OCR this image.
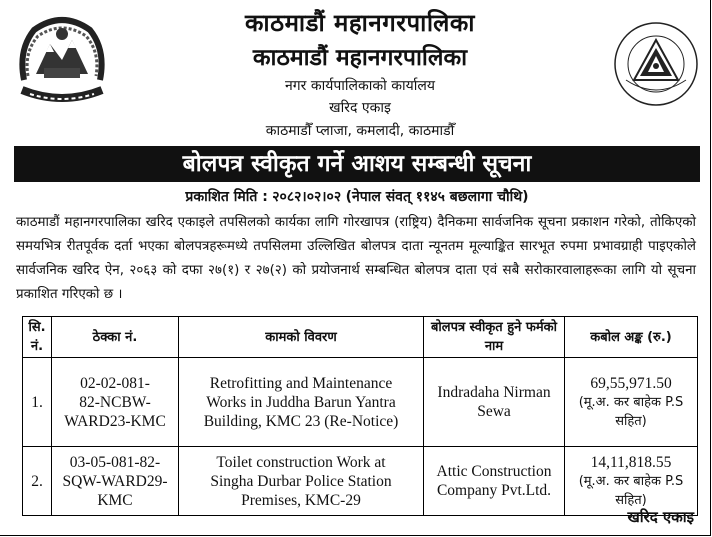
काठमाडौं महानगरपालिका
काठमाडौं महानगरपालिका
नगर कार्यपालिकाको कार्यालय
खरिद एकाइ
काठमाडौँ प्लाजा, कमलादी, काठमाडौँ
बोलपत्र स्वीकृत गर्ने आशय सम्बन्धी सूचना
प्रकाशित मिति : २०८२।०२।०२ (नेपाल संवत् ११४५ बछलागा चौथि)

काठमाडौं महानगरपालिका खरिद एकाइले तपसिलको कार्यका लागि गोरखापत्र (राष्ट्रिय) दैनिकमा सार्वजनिक सूचना प्रकाशन गरेको, तोकिएको समयभित्र रीतपूर्वक दर्ता भएका बोलपत्रहरूमध्ये तपसिलमा उल्लिखित बोलपत्र दाता न्यूनतम मूल्याङ्कित सारभूत रुपमा प्रभावग्राही पाइएकोले सार्वजनिक खरिद ऐन, २०६३ को दफा २७(१) र २७(२) को प्रयोजनार्थ सम्बन्धित बोलपत्र दाता एवं सबै सरोकारवालाहरूका लागि यो सूचना प्रकाशित गरिएको छ ।

सि. नं.	ठेक्का नं.	कामको विवरण	बोलपत्र स्वीकृत हुने फर्मको नाम	कबोल अङ्क (रु.)
1.	02-02-081-
82-NCBW-
WARD23-KMC	Retrofitting and Maintenance
Works in Juddha Barun Yantra
Building, KMC 23 (Re-Notice)	Indradaha Nirman
Sewa	69,55,971.50
(मू.अ. कर बाहेक P.S
सहित)

2.	03-05-081-82-
SQW-WARD29-
KMC	Toilet construction Work at
Singha Durbar Police Station
Premises, KMC-29	Attic Construction
Company Pvt.Ltd.	14,11,818.55
(मू.अ. कर बाहेक P.S
सहित)
खरिद एकाइ
